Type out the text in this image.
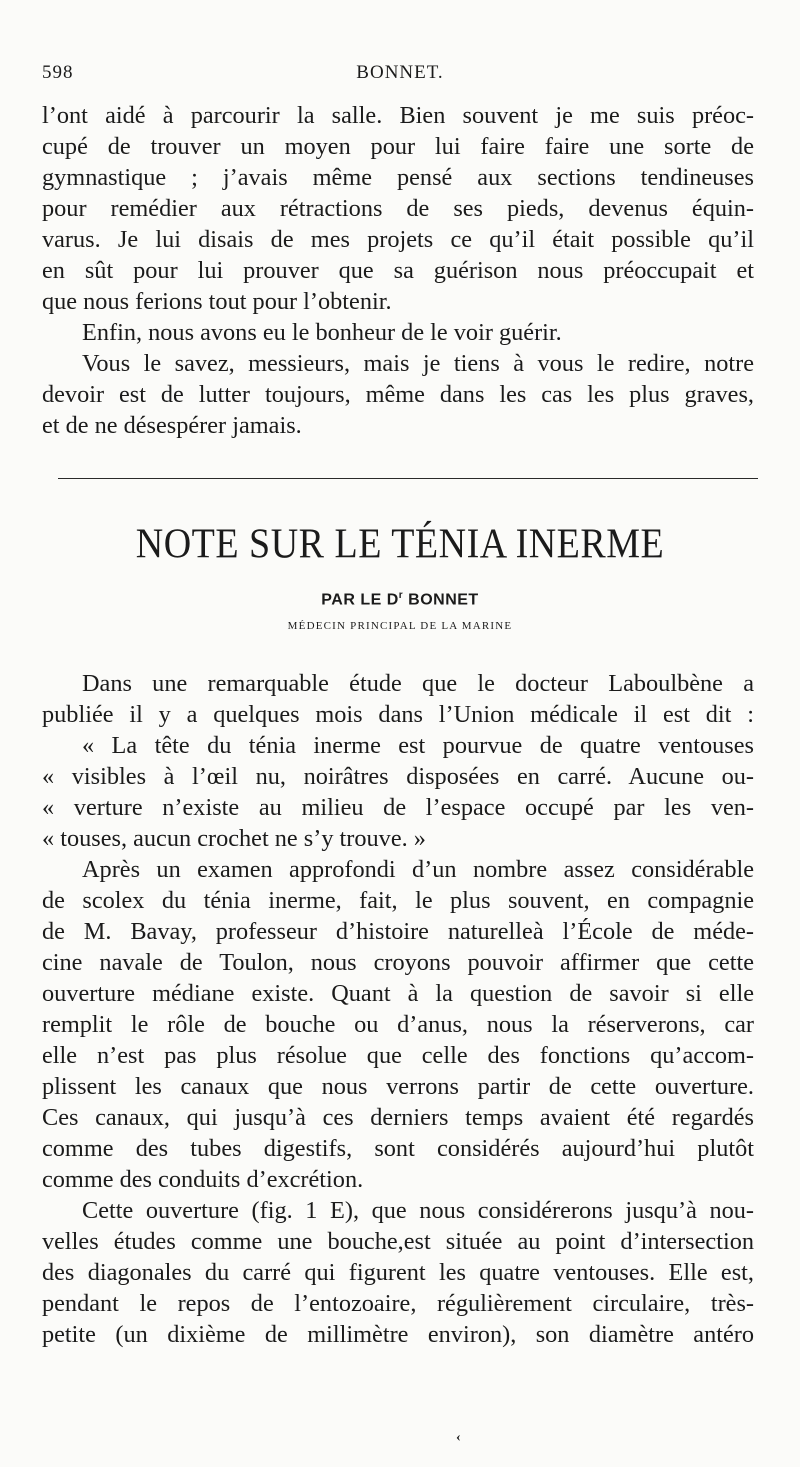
598	BONNET.

l’ont aidé à parcourir la salle. Bien souvent je me suis préoc-

cupé de trouver un moyen pour lui faire faire une sorte de

gymnastique ; j’avais même pensé aux sections tendineuses

pour remédier aux rétractions de ses pieds, devenus équin-

varus. Je lui disais de mes projets ce qu’il était possible qu’il

en sût pour lui prouver que sa guérison nous préoccupait et

que nous ferions tout pour l’obtenir.

Enfin, nous avons eu le bonheur de le voir guérir.

Vous le savez, messieurs, mais je tiens à vous le redire, notre

devoir est de lutter toujours, même dans les cas les plus graves,

et de ne désespérer jamais.

NOTE SUR LE TÉNIA INERME
PAR LE $D^r$ BONNET
MÉDECIN PRINCIPAL DE LA MARINE

Dans une remarquable étude que le docteur Laboulbène a

publiée il y a quelques mois dans l’Union médicale il est dit :

« La tête du ténia inerme est pourvue de quatre ventouses

« visibles à l’œil nu, noirâtres disposées en carré. Aucune ou-

« verture n’existe au milieu de l’espace occupé par les ven-

« touses, aucun crochet ne s’y trouve. »

Après un examen approfondi d’un nombre assez considérable

de scolex du ténia inerme, fait, le plus souvent, en compagnie

de M. Bavay, professeur d’histoire naturelleà l’École de méde-

cine navale de Toulon, nous croyons pouvoir affirmer que cette

ouverture médiane existe. Quant à la question de savoir si elle

remplit le rôle de bouche ou d’anus, nous la réserverons, car

elle n’est pas plus résolue que celle des fonctions qu’accom-

plissent les canaux que nous verrons partir de cette ouverture.

Ces canaux, qui jusqu’à ces derniers temps avaient été regardés

comme des tubes digestifs, sont considérés aujourd’hui plutôt

comme des conduits d’excrétion.

Cette ouverture (fig. 1 E), que nous considérerons jusqu’à nou-

velles études comme une bouche,est située au point d’intersection

des diagonales du carré qui figurent les quatre ventouses. Elle est,

pendant le repos de l’entozoaire, régulièrement circulaire, très-

petite (un dixième de millimètre environ), son diamètre antéro

‹
